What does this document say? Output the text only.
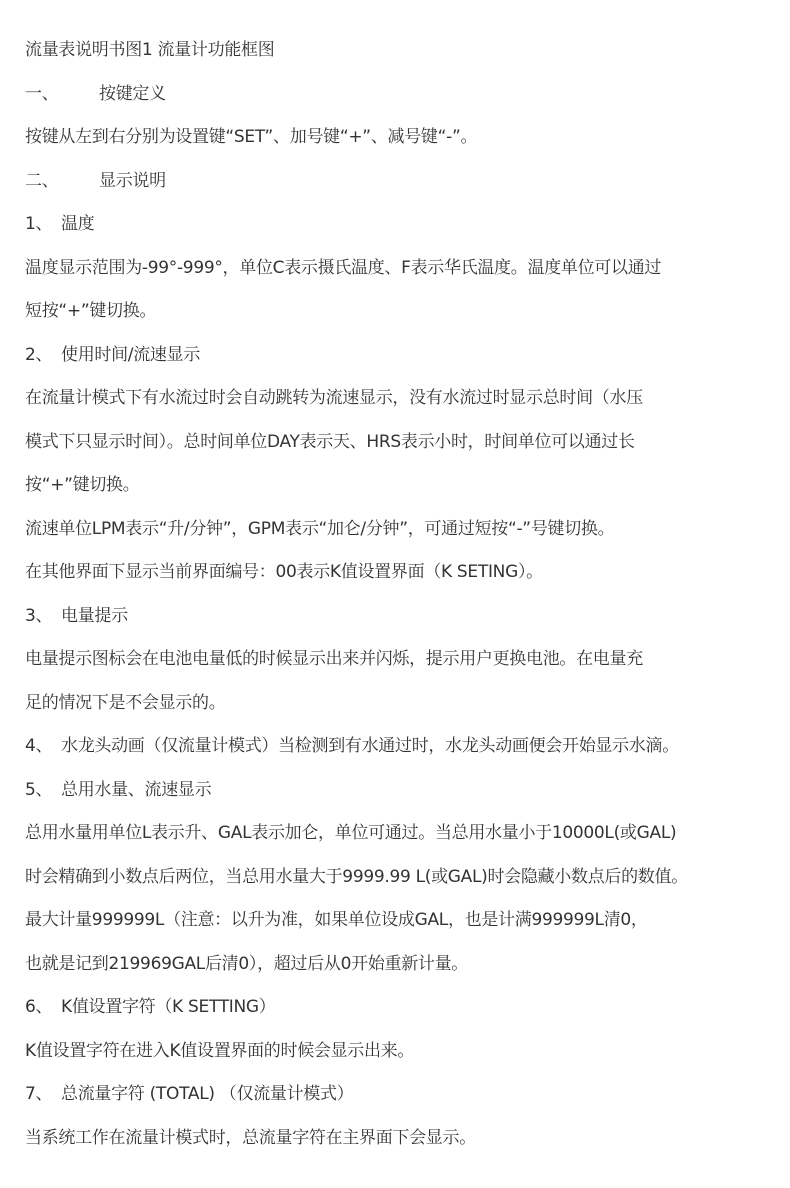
流量表说明书图1 流量计功能框图
一、 按键定义
按键从左到右分别为设置键“SET”、加号键“+”、减号键“-”。
二、 显示说明
1、 温度
温度显示范围为-99°-999°，单位C表示摄氏温度、F表示华氏温度。温度单位可以通过
短按“+”键切换。
2、 使用时间/流速显示
在流量计模式下有水流过时会自动跳转为流速显示，没有水流过时显示总时间（水压
模式下只显示时间）。总时间单位DAY表示天、HRS表示小时，时间单位可以通过长
按“+”键切换。
流速单位LPM表示“升/分钟”，GPM表示“加仑/分钟”，可通过短按“-”号键切换。
在其他界面下显示当前界面编号：00表示K值设置界面（K SETING）。
3、 电量提示
电量提示图标会在电池电量低的时候显示出来并闪烁，提示用户更换电池。在电量充
足的情况下是不会显示的。
4、 水龙头动画（仅流量计模式）当检测到有水通过时，水龙头动画便会开始显示水滴。
5、 总用水量、流速显示
总用水量用单位L表示升、GAL表示加仑，单位可通过。当总用水量小于10000L(或GAL)
时会精确到小数点后两位，当总用水量大于9999.99 L(或GAL)时会隐藏小数点后的数值。
最大计量999999L（注意：以升为准，如果单位设成GAL，也是计满999999L清0，
也就是记到219969GAL后清0），超过后从0开始重新计量。
6、 K值设置字符（K SETTING）
K值设置字符在进入K值设置界面的时候会显示出来。
7、 总流量字符 (TOTAL) （仅流量计模式）
当系统工作在流量计模式时，总流量字符在主界面下会显示。
